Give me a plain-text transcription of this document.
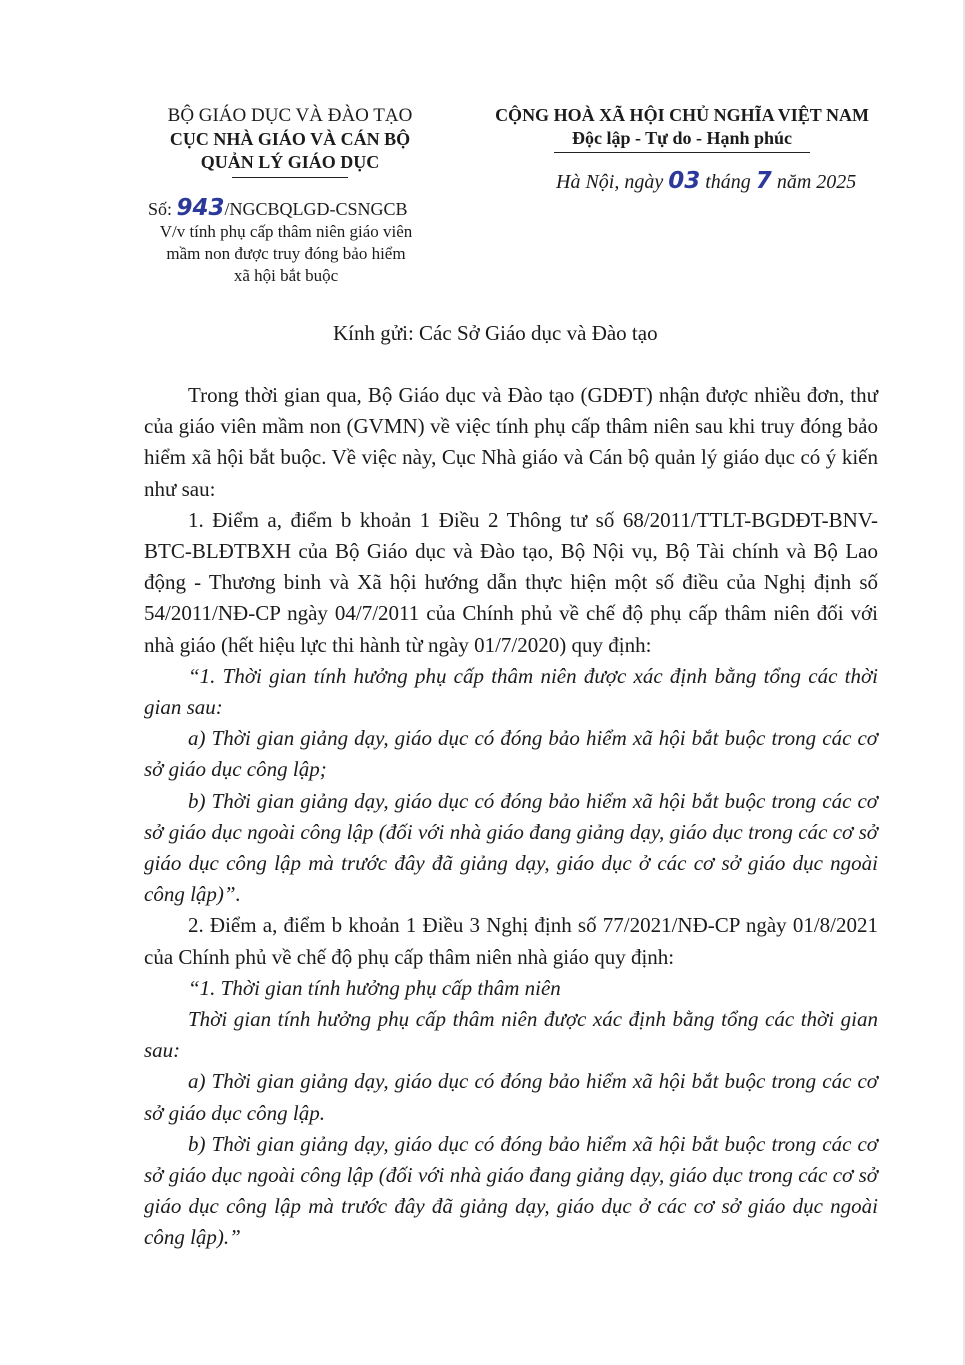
BỘ GIÁO DỤC VÀ ĐÀO TẠO
CỤC NHÀ GIÁO VÀ CÁN BỘ
QUẢN LÝ GIÁO DỤC
CỘNG HOÀ XÃ HỘI CHỦ NGHĨA VIỆT NAM
Độc lập - Tự do - Hạnh phúc
Hà Nội, ngày 03 tháng 7 năm 2025
Số: 943/NGCBQLGD-CSNGCB
V/v tính phụ cấp thâm niên giáo viên
mầm non được truy đóng bảo hiểm
xã hội bắt buộc
Kính gửi: Các Sở Giáo dục và Đào tạo

Trong thời gian qua, Bộ Giáo dục và Đào tạo (GDĐT) nhận được nhiều đơn, thư của giáo viên mầm non (GVMN) về việc tính phụ cấp thâm niên sau khi truy đóng bảo hiểm xã hội bắt buộc. Về việc này, Cục Nhà giáo và Cán bộ quản lý giáo dục có ý kiến như sau:

1. Điểm a, điểm b khoản 1 Điều 2 Thông tư số 68/2011/TTLT-BGDĐT-BNV-BTC-BLĐTBXH của Bộ Giáo dục và Đào tạo, Bộ Nội vụ, Bộ Tài chính và Bộ Lao động - Thương binh và Xã hội hướng dẫn thực hiện một số điều của Nghị định số 54/2011/NĐ-CP ngày 04/7/2011 của Chính phủ về chế độ phụ cấp thâm niên đối với nhà giáo (hết hiệu lực thi hành từ ngày 01/7/2020) quy định:

“1. Thời gian tính hưởng phụ cấp thâm niên được xác định bằng tổng các thời gian sau:

a) Thời gian giảng dạy, giáo dục có đóng bảo hiểm xã hội bắt buộc trong các cơ sở giáo dục công lập;

b) Thời gian giảng dạy, giáo dục có đóng bảo hiểm xã hội bắt buộc trong các cơ sở giáo dục ngoài công lập (đối với nhà giáo đang giảng dạy, giáo dục trong các cơ sở giáo dục công lập mà trước đây đã giảng dạy, giáo dục ở các cơ sở giáo dục ngoài công lập)”.

2. Điểm a, điểm b khoản 1 Điều 3 Nghị định số 77/2021/NĐ-CP ngày 01/8/2021 của Chính phủ về chế độ phụ cấp thâm niên nhà giáo quy định:

“1. Thời gian tính hưởng phụ cấp thâm niên

Thời gian tính hưởng phụ cấp thâm niên được xác định bằng tổng các thời gian sau:

a) Thời gian giảng dạy, giáo dục có đóng bảo hiểm xã hội bắt buộc trong các cơ sở giáo dục công lập.

b) Thời gian giảng dạy, giáo dục có đóng bảo hiểm xã hội bắt buộc trong các cơ sở giáo dục ngoài công lập (đối với nhà giáo đang giảng dạy, giáo dục trong các cơ sở giáo dục công lập mà trước đây đã giảng dạy, giáo dục ở các cơ sở giáo dục ngoài công lập).”
